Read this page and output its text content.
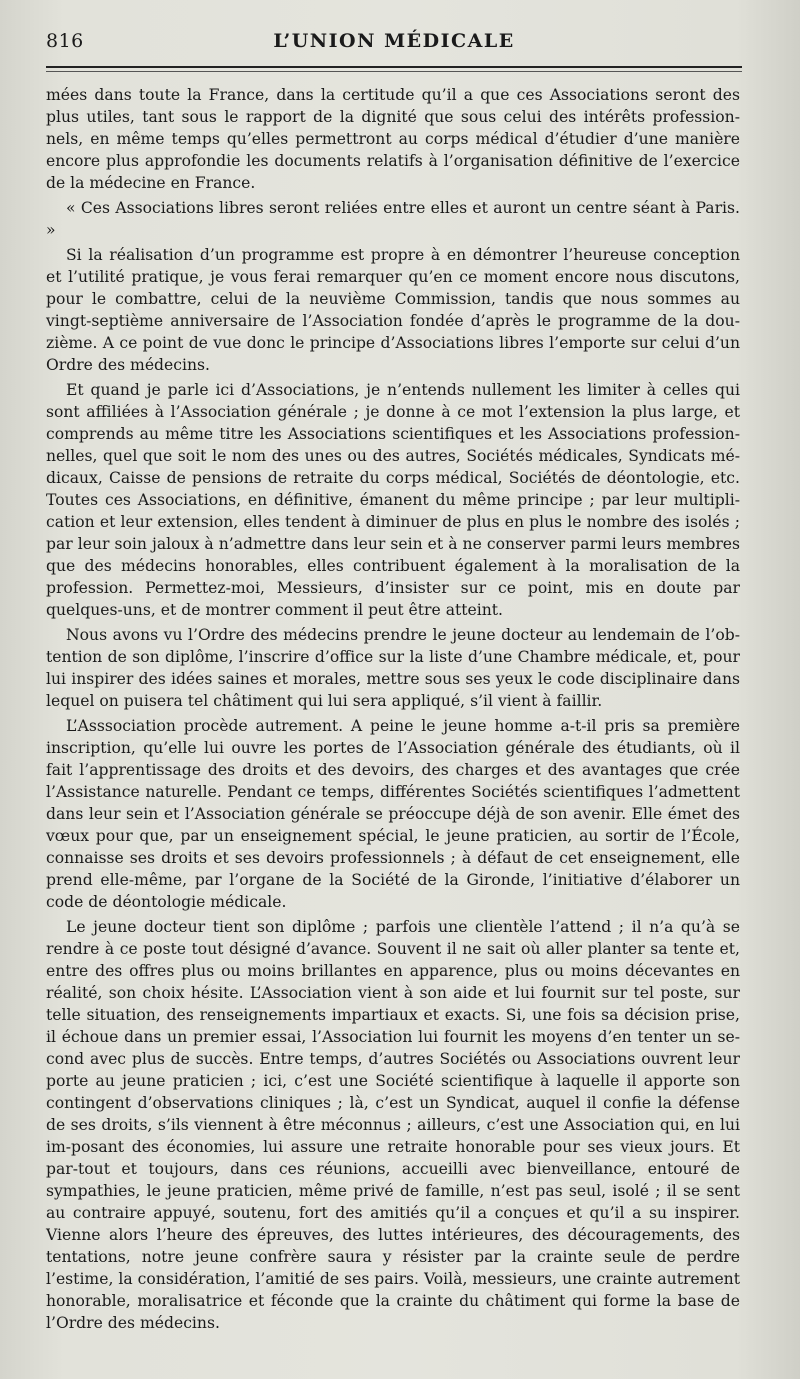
816	L’UNION MÉDICALE

mées dans toute la France, dans la certitude qu’il a que ces Associations seront des plus utiles, tant sous le rapport de la dignité que sous celui des intérêts profession-nels, en même temps qu’elles permettront au corps médical d’étudier d’une manière encore plus approfondie les documents relatifs à l’organisation définitive de l’exercice de la médecine en France.

« Ces Associations libres seront reliées entre elles et auront un centre séant à Paris. »

Si la réalisation d’un programme est propre à en démontrer l’heureuse conception et l’utilité pratique, je vous ferai remarquer qu’en ce moment encore nous discutons, pour le combattre, celui de la neuvième Commission, tandis que nous sommes au vingt-septième anniversaire de l’Association fondée d’après le programme de la dou-zième. A ce point de vue donc le principe d’Associations libres l’emporte sur celui d’un Ordre des médecins.

Et quand je parle ici d’Associations, je n’entends nullement les limiter à celles qui sont affiliées à l’Association générale ; je donne à ce mot l’extension la plus large, et comprends au même titre les Associations scientifiques et les Associations profession-nelles, quel que soit le nom des unes ou des autres, Sociétés médicales, Syndicats mé-dicaux, Caisse de pensions de retraite du corps médical, Sociétés de déontologie, etc. Toutes ces Associations, en définitive, émanent du même principe ; par leur multipli-cation et leur extension, elles tendent à diminuer de plus en plus le nombre des isolés ; par leur soin jaloux à n’admettre dans leur sein et à ne conserver parmi leurs membres que des médecins honorables, elles contribuent également à la moralisation de la profession. Permettez-moi, Messieurs, d’insister sur ce point, mis en doute par quelques-uns, et de montrer comment il peut être atteint.

Nous avons vu l’Ordre des médecins prendre le jeune docteur au lendemain de l’ob-tention de son diplôme, l’inscrire d’office sur la liste d’une Chambre médicale, et, pour lui inspirer des idées saines et morales, mettre sous ses yeux le code disciplinaire dans lequel on puisera tel châtiment qui lui sera appliqué, s’il vient à faillir.

L’Asssociation procède autrement. A peine le jeune homme a-t-il pris sa première inscription, qu’elle lui ouvre les portes de l’Association générale des étudiants, où il fait l’apprentissage des droits et des devoirs, des charges et des avantages que crée l’Assistance naturelle. Pendant ce temps, différentes Sociétés scientifiques l’admettent dans leur sein et l’Association générale se préoccupe déjà de son avenir. Elle émet des vœux pour que, par un enseignement spécial, le jeune praticien, au sortir de l’École, connaisse ses droits et ses devoirs professionnels ; à défaut de cet enseignement, elle prend elle-même, par l’organe de la Société de la Gironde, l’initiative d’élaborer un code de déontologie médicale.

Le jeune docteur tient son diplôme ; parfois une clientèle l’attend ; il n’a qu’à se rendre à ce poste tout désigné d’avance. Souvent il ne sait où aller planter sa tente et, entre des offres plus ou moins brillantes en apparence, plus ou moins décevantes en réalité, son choix hésite. L’Association vient à son aide et lui fournit sur tel poste, sur telle situation, des renseignements impartiaux et exacts. Si, une fois sa décision prise, il échoue dans un premier essai, l’Association lui fournit les moyens d’en tenter un se-cond avec plus de succès. Entre temps, d’autres Sociétés ou Associations ouvrent leur porte au jeune praticien ; ici, c’est une Société scientifique à laquelle il apporte son contingent d’observations cliniques ; là, c’est un Syndicat, auquel il confie la défense de ses droits, s’ils viennent à être méconnus ; ailleurs, c’est une Association qui, en lui im-posant des économies, lui assure une retraite honorable pour ses vieux jours. Et par-tout et toujours, dans ces réunions, accueilli avec bienveillance, entouré de sympathies, le jeune praticien, même privé de famille, n’est pas seul, isolé ; il se sent au contraire appuyé, soutenu, fort des amitiés qu’il a conçues et qu’il a su inspirer. Vienne alors l’heure des épreuves, des luttes intérieures, des découragements, des tentations, notre jeune confrère saura y résister par la crainte seule de perdre l’estime, la considération, l’amitié de ses pairs. Voilà, messieurs, une crainte autrement honorable, moralisatrice et féconde que la crainte du châtiment qui forme la base de l’Ordre des médecins.
